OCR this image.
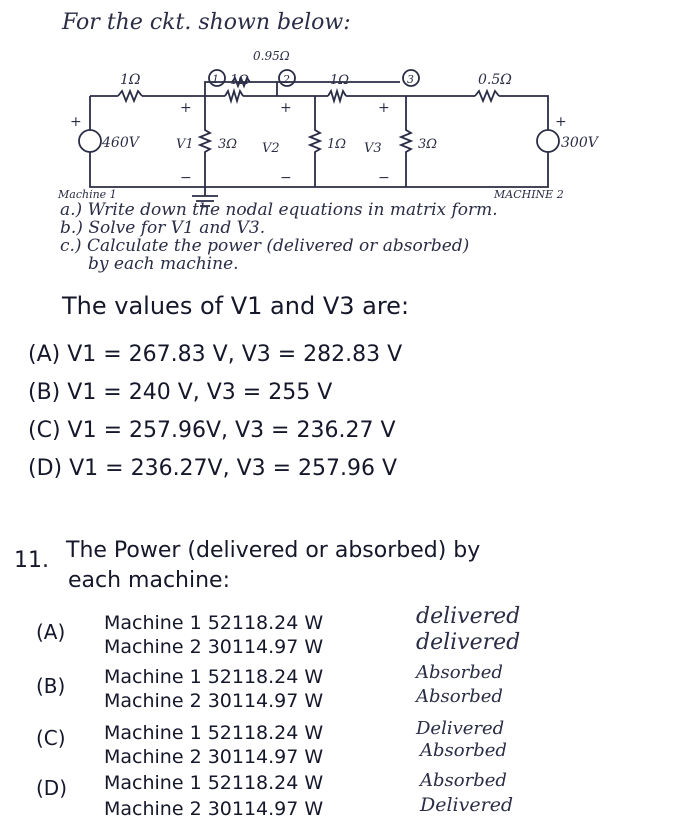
For the ckt. shown below:
1	2	3
0.95Ω
1Ω	1Ω	1Ω	0.5Ω
460V	300V
+	+
+	+	+
−	−	−
V1	V2	V3
3Ω	1Ω	3Ω
Machine 1	MACHINE 2
a.) Write down the nodal equations in matrix form.
b.) Solve for V1 and V3.
c.) Calculate the power (delivered or absorbed)
by each machine.
The values of V1 and V3 are:
(A) V1 = 267.83 V, V3 = 282.83 V
(B) V1 = 240 V, V3 = 255 V
(C) V1 = 257.96V, V3 = 236.27 V
(D) V1 = 236.27V, V3 = 257.96 V
11. The Power (delivered or absorbed) by
each machine:
(A) Machine 1 52118.24 W	delivered
Machine 2 30114.97 W	delivered
(B) Machine 1 52118.24 W	Absorbed
Machine 2 30114.97 W	Absorbed
(C) Machine 1 52118.24 W	Delivered
Machine 2 30114.97 W	Absorbed
(D) Machine 1 52118.24 W	Absorbed
Machine 2 30114.97 W	Delivered
